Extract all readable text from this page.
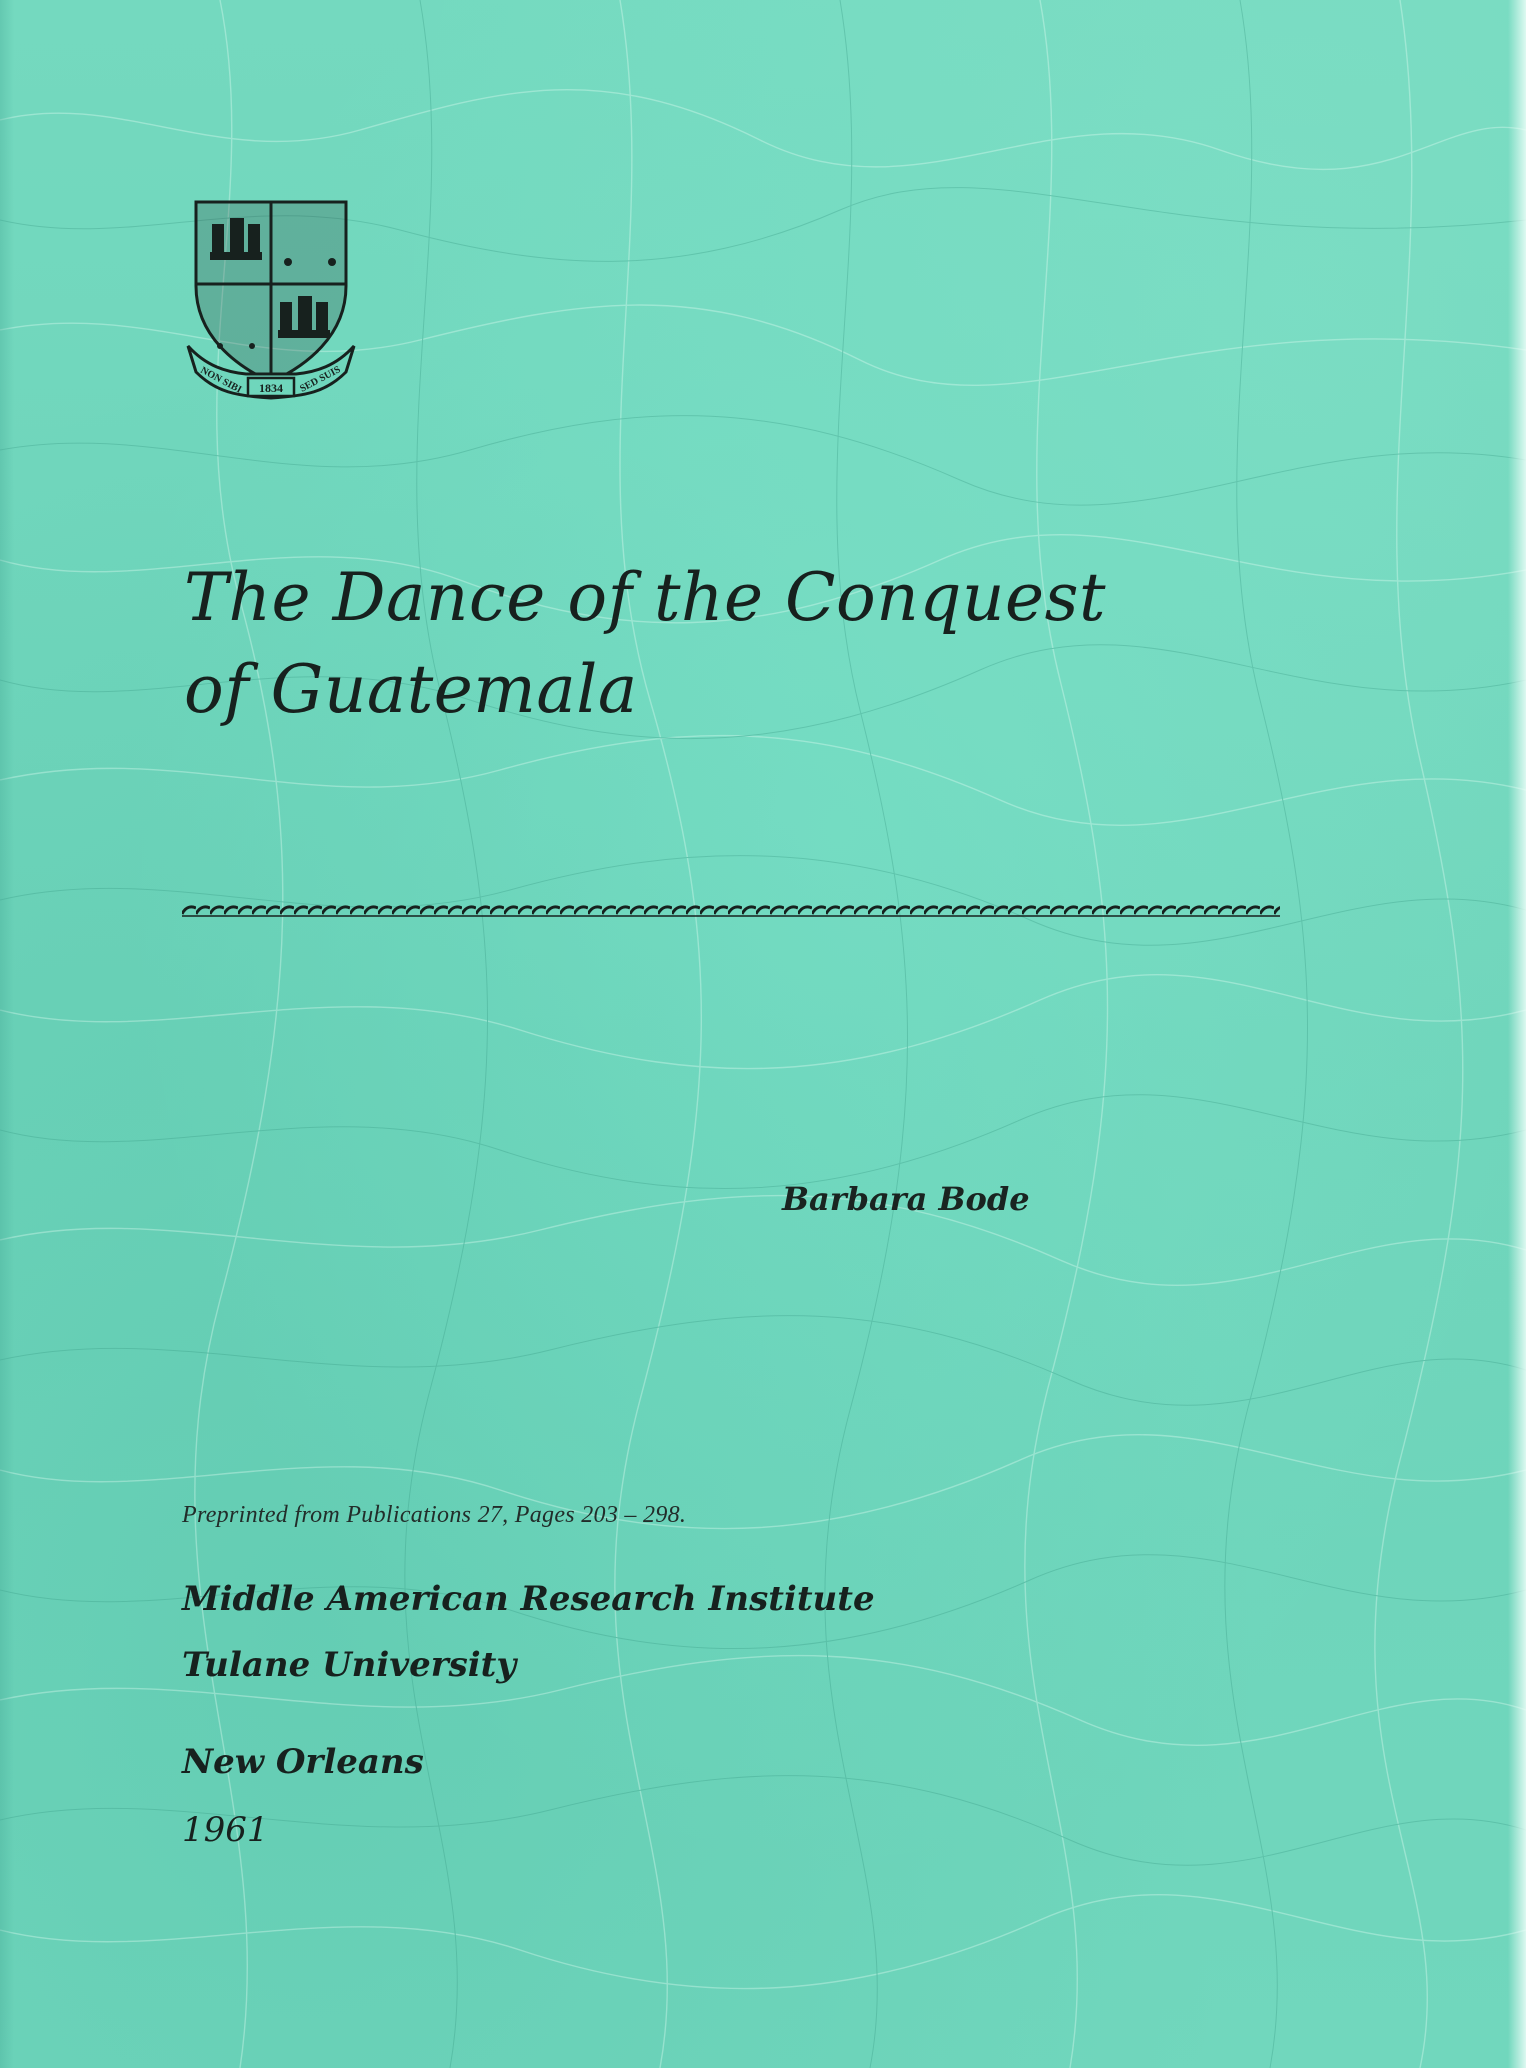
1834
NON SIBI	SED SUIS
The Dance of the Conquest
of Guatemala
Barbara Bode
Preprinted from Publications 27, Pages 203 – 298.
Middle American Research Institute
Tulane University
New Orleans
1961
